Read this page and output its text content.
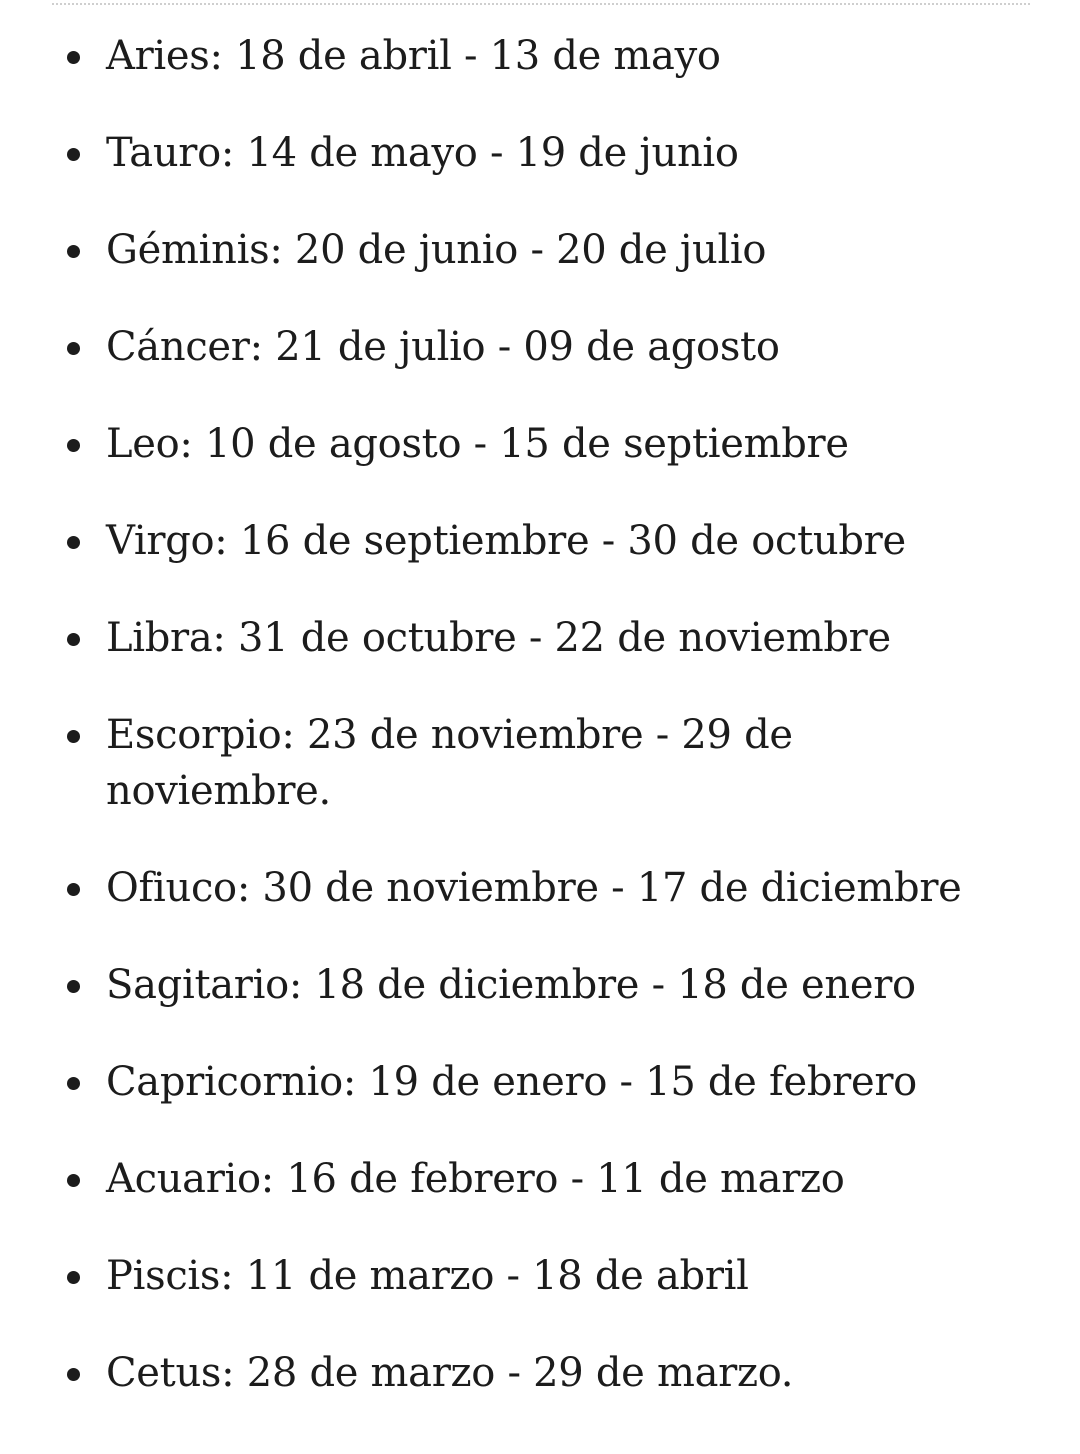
Aries: 18 de abril - 13 de mayo
Tauro: 14 de mayo - 19 de junio
Géminis: 20 de junio - 20 de julio
Cáncer: 21 de julio - 09 de agosto
Leo: 10 de agosto - 15 de septiembre
Virgo: 16 de septiembre - 30 de octubre
Libra: 31 de octubre - 22 de noviembre
Escorpio: 23 de noviembre - 29 de noviembre.
Ofiuco: 30 de noviembre - 17 de diciembre
Sagitario: 18 de diciembre - 18 de enero
Capricornio: 19 de enero - 15 de febrero
Acuario: 16 de febrero - 11 de marzo
Piscis: 11 de marzo - 18 de abril
Cetus: 28 de marzo - 29 de marzo.
